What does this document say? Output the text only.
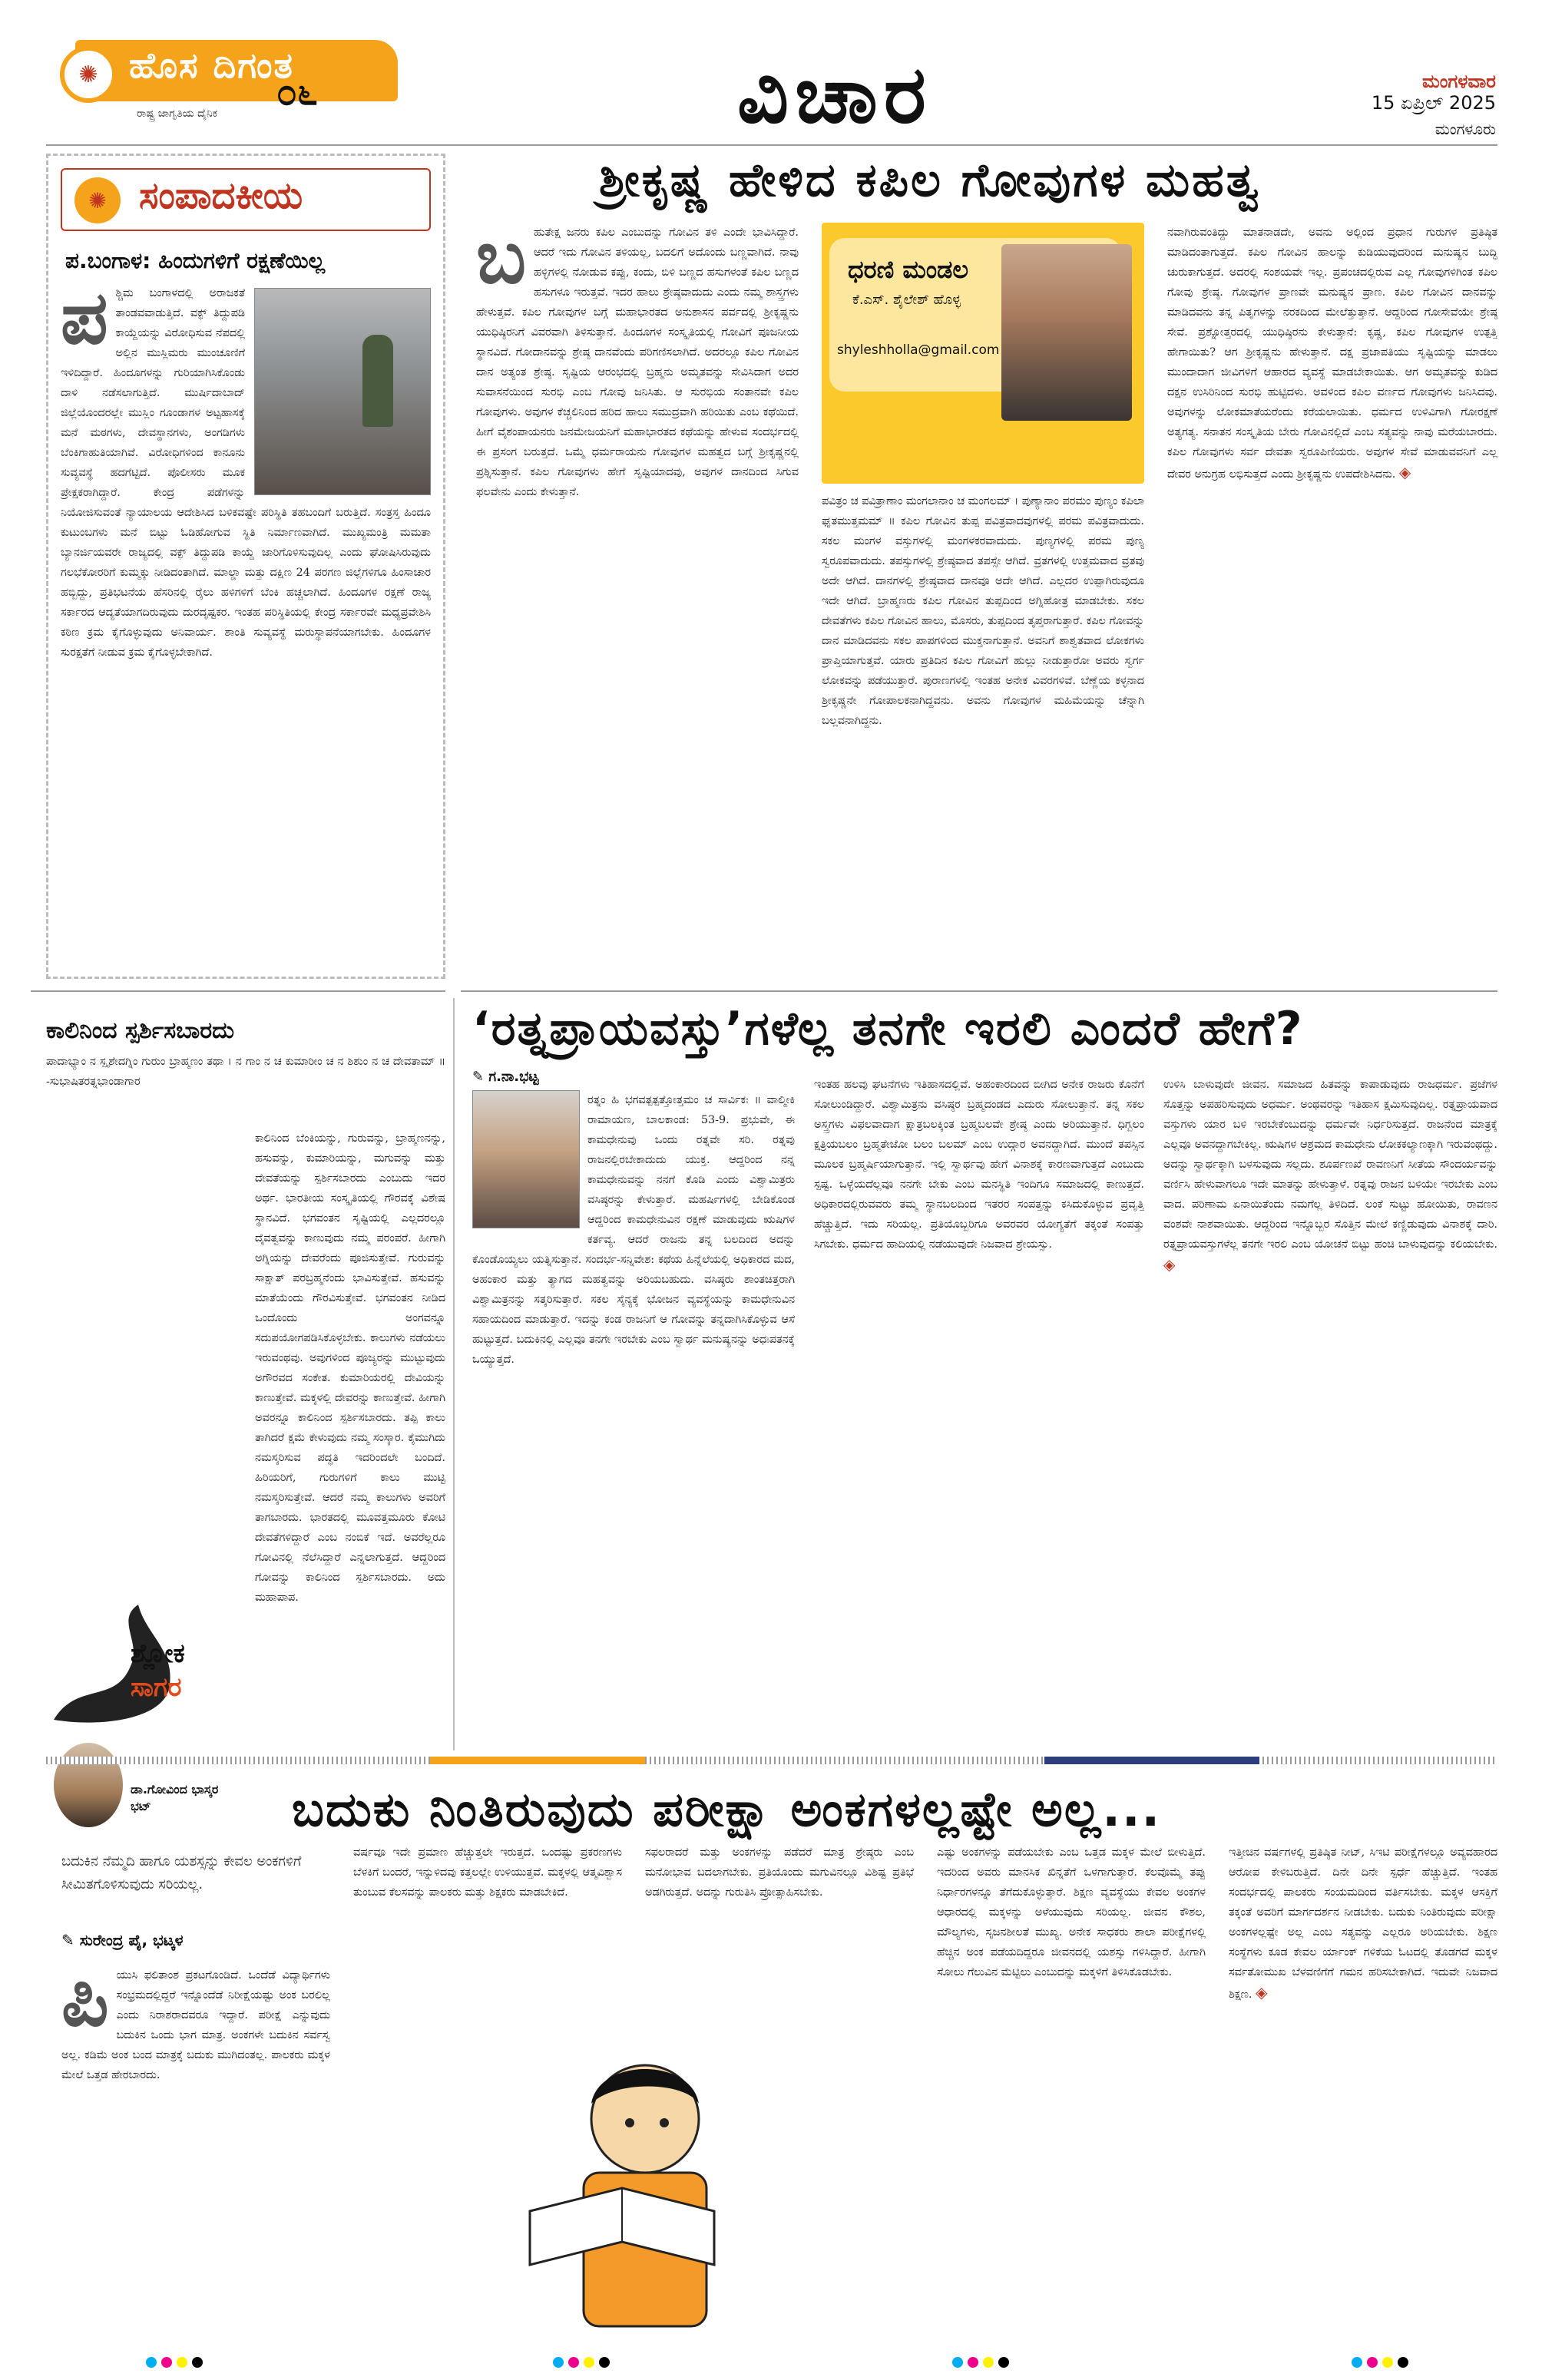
✺ ಹೊಸ ದಿಗಂತ
ರಾಷ್ಟ್ರ ಜಾಗೃತಿಯ ದೈನಿಕ ೦೬	ವಿಚಾರ	ಮಂಗಳವಾರ
15 ಏಪ್ರಿಲ್ 2025
ಮಂಗಳೂರು
✺ ಸಂಪಾದಕೀಯ
ಪ.ಬಂಗಾಳ: ಹಿಂದುಗಳಿಗೆ ರಕ್ಷಣೆಯಿಲ್ಲ
ಪ ಶ್ಚಿಮ ಬಂಗಾಳದಲ್ಲಿ ಅರಾಜಕತೆ ತಾಂಡವವಾಡುತ್ತಿದೆ. ವಕ್ಫ್ ತಿದ್ದುಪಡಿ ಕಾಯ್ದೆಯನ್ನು ವಿರೋಧಿಸುವ ನೆಪದಲ್ಲಿ ಅಲ್ಲಿನ ಮುಸ್ಲಿಮರು ಮುಂಚೂಣಿಗೆ ಇಳಿದಿದ್ದಾರೆ. ಹಿಂದೂಗಳನ್ನು ಗುರಿಯಾಗಿಸಿಕೊಂಡು ದಾಳಿ ನಡೆಸಲಾಗುತ್ತಿದೆ. ಮುರ್ಷಿದಾಬಾದ್ ಜಿಲ್ಲೆಯೊಂದರಲ್ಲೇ ಮುಸ್ಲಿಂ ಗೂಂಡಾಗಳ ಅಟ್ಟಹಾಸಕ್ಕೆ ಮನೆ ಮಠಗಳು, ದೇವಸ್ಥಾನಗಳು, ಅಂಗಡಿಗಳು ಬೆಂಕಿಗಾಹುತಿಯಾಗಿವೆ. ವಿರೋಧಿಗಳಿಂದ ಕಾನೂನು ಸುವ್ಯವಸ್ಥೆ ಹದಗೆಟ್ಟಿದೆ. ಪೊಲೀಸರು ಮೂಕ ಪ್ರೇಕ್ಷಕರಾಗಿದ್ದಾರೆ. ಕೇಂದ್ರ ಪಡೆಗಳನ್ನು ನಿಯೋಜಿಸುವಂತೆ ನ್ಯಾಯಾಲಯ ಆದೇಶಿಸಿದ ಬಳಿಕವಷ್ಟೇ ಪರಿಸ್ಥಿತಿ ತಹಬಂದಿಗೆ ಬರುತ್ತಿದೆ. ಸಂತ್ರಸ್ತ ಹಿಂದೂ ಕುಟುಂಬಗಳು ಮನೆ ಬಿಟ್ಟು ಓಡಿಹೋಗುವ ಸ್ಥಿತಿ ನಿರ್ಮಾಣವಾಗಿದೆ. ಮುಖ್ಯಮಂತ್ರಿ ಮಮತಾ ಬ್ಯಾನರ್ಜಿಯವರೇ ರಾಜ್ಯದಲ್ಲಿ ವಕ್ಫ್ ತಿದ್ದುಪಡಿ ಕಾಯ್ದೆ ಜಾರಿಗೊಳಿಸುವುದಿಲ್ಲ ಎಂದು ಘೋಷಿಸಿರುವುದು ಗಲಭೆಕೋರರಿಗೆ ಕುಮ್ಮಕ್ಕು ನೀಡಿದಂತಾಗಿದೆ. ಮಾಲ್ಡಾ ಮತ್ತು ದಕ್ಷಿಣ 24 ಪರಗಣ ಜಿಲ್ಲೆಗಳಿಗೂ ಹಿಂಸಾಚಾರ ಹಬ್ಬಿದ್ದು, ಪ್ರತಿಭಟನೆಯ ಹೆಸರಿನಲ್ಲಿ ರೈಲು ಹಳಿಗಳಿಗೆ ಬೆಂಕಿ ಹಚ್ಚಲಾಗಿದೆ. ಹಿಂದೂಗಳ ರಕ್ಷಣೆ ರಾಜ್ಯ ಸರ್ಕಾರದ ಆದ್ಯತೆಯಾಗದಿರುವುದು ದುರದೃಷ್ಟಕರ. ಇಂತಹ ಪರಿಸ್ಥಿತಿಯಲ್ಲಿ ಕೇಂದ್ರ ಸರ್ಕಾರವೇ ಮಧ್ಯಪ್ರವೇಶಿಸಿ ಕಠಿಣ ಕ್ರಮ ಕೈಗೊಳ್ಳುವುದು ಅನಿವಾರ್ಯ. ಶಾಂತಿ ಸುವ್ಯವಸ್ಥೆ ಮರುಸ್ಥಾಪನೆಯಾಗಬೇಕು. ಹಿಂದೂಗಳ ಸುರಕ್ಷತೆಗೆ ನೀಡುವ ಕ್ರಮ ಕೈಗೊಳ್ಳಬೇಕಾಗಿದೆ.
ಶ್ರೀಕೃಷ್ಣ ಹೇಳಿದ ಕಪಿಲ ಗೋವುಗಳ ಮಹತ್ವ
ಬ ಹುತೇಕ್ಷ ಜನರು ಕಪಿಲ ಎಂಬುದನ್ನು ಗೋವಿನ ತಳಿ ಎಂದೇ ಭಾವಿಸಿದ್ದಾರೆ. ಆದರೆ ಇದು ಗೋವಿನ ತಳಿಯಲ್ಲ, ಬದಲಿಗೆ ಅದೊಂದು ಬಣ್ಣವಾಗಿದೆ. ನಾವು ಹಳ್ಳಿಗಳಲ್ಲಿ ನೋಡುವ ಕಪ್ಪು, ಕಂದು, ಬಿಳಿ ಬಣ್ಣದ ಹಸುಗಳಂತೆ ಕಪಿಲ ಬಣ್ಣದ ಹಸುಗಳೂ ಇರುತ್ತವೆ. ಇದರ ಹಾಲು ಶ್ರೇಷ್ಠವಾದುದು ಎಂದು ನಮ್ಮ ಶಾಸ್ತ್ರಗಳು ಹೇಳುತ್ತವೆ. ಕಪಿಲ ಗೋವುಗಳ ಬಗ್ಗೆ ಮಹಾಭಾರತದ ಅನುಶಾಸನ ಪರ್ವದಲ್ಲಿ ಶ್ರೀಕೃಷ್ಣನು ಯುಧಿಷ್ಠಿರನಿಗೆ ವಿವರವಾಗಿ ತಿಳಿಸುತ್ತಾನೆ. ಹಿಂದೂಗಳ ಸಂಸ್ಕೃತಿಯಲ್ಲಿ ಗೋವಿಗೆ ಪೂಜನೀಯ ಸ್ಥಾನವಿದೆ. ಗೋದಾನವನ್ನು ಶ್ರೇಷ್ಠ ದಾನವೆಂದು ಪರಿಗಣಿಸಲಾಗಿದೆ. ಅದರಲ್ಲೂ ಕಪಿಲ ಗೋವಿನ ದಾನ ಅತ್ಯಂತ ಶ್ರೇಷ್ಠ. ಸೃಷ್ಟಿಯ ಆರಂಭದಲ್ಲಿ ಬ್ರಹ್ಮನು ಅಮೃತವನ್ನು ಸೇವಿಸಿದಾಗ ಅದರ ಸುವಾಸನೆಯಿಂದ ಸುರಭಿ ಎಂಬ ಗೋವು ಜನಿಸಿತು. ಆ ಸುರಭಿಯ ಸಂತಾನವೇ ಕಪಿಲ ಗೋವುಗಳು. ಅವುಗಳ ಕೆಚ್ಚಲಿನಿಂದ ಹರಿದ ಹಾಲು ಸಮುದ್ರವಾಗಿ ಹರಿಯಿತು ಎಂಬ ಕಥೆಯಿದೆ. ಹೀಗೆ ವೈಶಂಪಾಯನರು ಜನಮೇಜಯನಿಗೆ ಮಹಾಭಾರತದ ಕಥೆಯನ್ನು ಹೇಳುವ ಸಂದರ್ಭದಲ್ಲಿ ಈ ಪ್ರಸಂಗ ಬರುತ್ತದೆ. ಒಮ್ಮೆ ಧರ್ಮರಾಯನು ಗೋವುಗಳ ಮಹತ್ವದ ಬಗ್ಗೆ ಶ್ರೀಕೃಷ್ಣನಲ್ಲಿ ಪ್ರಶ್ನಿಸುತ್ತಾನೆ. ಕಪಿಲ ಗೋವುಗಳು ಹೇಗೆ ಸೃಷ್ಟಿಯಾದವು, ಅವುಗಳ ದಾನದಿಂದ ಸಿಗುವ ಫಲವೇನು ಎಂದು ಕೇಳುತ್ತಾನೆ.
ಧರಣಿ ಮಂಡಲ
ಕೆ.ಎಸ್. ಶೈಲೇಶ್ ಹೊಳ್ಳ
shyleshholla@gmail.com
ಪವಿತ್ರಂ ಚ ಪವಿತ್ರಾಣಾಂ ಮಂಗಲಾನಾಂ ಚ ಮಂಗಲಮ್ । ಪುಣ್ಯಾನಾಂ ಪರಮಂ ಪುಣ್ಯಂ ಕಪಿಲಾ ಘೃತಮುತ್ತಮಮ್ ॥ ಕಪಿಲ ಗೋವಿನ ತುಪ್ಪ ಪವಿತ್ರವಾದವುಗಳಲ್ಲಿ ಪರಮ ಪವಿತ್ರವಾದುದು. ಸಕಲ ಮಂಗಳ ವಸ್ತುಗಳಲ್ಲಿ ಮಂಗಳಕರವಾದುದು. ಪುಣ್ಯಗಳಲ್ಲಿ ಪರಮ ಪುಣ್ಯ ಸ್ವರೂಪವಾದುದು. ತಪಸ್ಸುಗಳಲ್ಲಿ ಶ್ರೇಷ್ಠವಾದ ತಪಸ್ಸೇ ಆಗಿದೆ. ವ್ರತಗಳಲ್ಲಿ ಉತ್ತಮವಾದ ವ್ರತವು ಅದೇ ಆಗಿದೆ. ದಾನಗಳಲ್ಲಿ ಶ್ರೇಷ್ಠವಾದ ದಾನವೂ ಅದೇ ಆಗಿದೆ. ಎಲ್ಲದರ ಉಪ್ಪಾಗಿರುವುದೂ ಇದೇ ಆಗಿದೆ. ಬ್ರಾಹ್ಮಣರು ಕಪಿಲ ಗೋವಿನ ತುಪ್ಪದಿಂದ ಅಗ್ನಿಹೋತ್ರ ಮಾಡಬೇಕು. ಸಕಲ ದೇವತೆಗಳು ಕಪಿಲ ಗೋವಿನ ಹಾಲು, ಮೊಸರು, ತುಪ್ಪದಿಂದ ತೃಪ್ತರಾಗುತ್ತಾರೆ. ಕಪಿಲ ಗೋವನ್ನು ದಾನ ಮಾಡಿದವನು ಸಕಲ ಪಾಪಗಳಿಂದ ಮುಕ್ತನಾಗುತ್ತಾನೆ. ಅವನಿಗೆ ಶಾಶ್ವತವಾದ ಲೋಕಗಳು ಪ್ರಾಪ್ತಿಯಾಗುತ್ತವೆ. ಯಾರು ಪ್ರತಿದಿನ ಕಪಿಲ ಗೋವಿಗೆ ಹುಲ್ಲು ನೀಡುತ್ತಾರೋ ಅವರು ಸ್ವರ್ಗ ಲೋಕವನ್ನು ಪಡೆಯುತ್ತಾರೆ. ಪುರಾಣಗಳಲ್ಲಿ ಇಂತಹ ಅನೇಕ ವಿವರಗಳಿವೆ. ಬೆಣ್ಣೆಯ ಕಳ್ಳನಾದ ಶ್ರೀಕೃಷ್ಣನೇ ಗೋಪಾಲಕನಾಗಿದ್ದವನು. ಅವನು ಗೋವುಗಳ ಮಹಿಮೆಯನ್ನು ಚೆನ್ನಾಗಿ ಬಲ್ಲವನಾಗಿದ್ದನು.
ನವಾಗಿರುವಂತಿದ್ದು ಮಾತನಾಡದೇ, ಅವನು ಅಲ್ಲಿಂದ ಪ್ರಧಾನ ಗುರುಗಳ ಪ್ರತಿಷ್ಠಿತ ಮಾಡಿದಂತಾಗುತ್ತದೆ. ಕಪಿಲ ಗೋವಿನ ಹಾಲನ್ನು ಕುಡಿಯುವುದರಿಂದ ಮನುಷ್ಯನ ಬುದ್ಧಿ ಚುರುಕಾಗುತ್ತದೆ. ಅದರಲ್ಲಿ ಸಂಶಯವೇ ಇಲ್ಲ. ಪ್ರಪಂಚದಲ್ಲಿರುವ ಎಲ್ಲ ಗೋವುಗಳಿಗಿಂತ ಕಪಿಲ ಗೋವು ಶ್ರೇಷ್ಠ. ಗೋವುಗಳ ಪ್ರಾಣವೇ ಮನುಷ್ಯನ ಪ್ರಾಣ. ಕಪಿಲ ಗೋವಿನ ದಾನವನ್ನು ಮಾಡಿದವನು ತನ್ನ ಪಿತೃಗಳನ್ನು ನರಕದಿಂದ ಮೇಲೆತ್ತುತ್ತಾನೆ. ಆದ್ದರಿಂದ ಗೋಸೇವೆಯೇ ಶ್ರೇಷ್ಠ ಸೇವೆ. ಪ್ರಶ್ನೋತ್ತರದಲ್ಲಿ ಯುಧಿಷ್ಠಿರನು ಕೇಳುತ್ತಾನೆ: ಕೃಷ್ಣ, ಕಪಿಲ ಗೋವುಗಳ ಉತ್ಪತ್ತಿ ಹೇಗಾಯಿತು? ಆಗ ಶ್ರೀಕೃಷ್ಣನು ಹೇಳುತ್ತಾನೆ. ದಕ್ಷ ಪ್ರಜಾಪತಿಯು ಸೃಷ್ಟಿಯನ್ನು ಮಾಡಲು ಮುಂದಾದಾಗ ಜೀವಿಗಳಿಗೆ ಆಹಾರದ ವ್ಯವಸ್ಥೆ ಮಾಡಬೇಕಾಯಿತು. ಆಗ ಅಮೃತವನ್ನು ಕುಡಿದ ದಕ್ಷನ ಉಸಿರಿನಿಂದ ಸುರಭಿ ಹುಟ್ಟಿದಳು. ಅವಳಿಂದ ಕಪಿಲ ವರ್ಣದ ಗೋವುಗಳು ಜನಿಸಿದವು. ಅವುಗಳನ್ನು ಲೋಕಮಾತೆಯರೆಂದು ಕರೆಯಲಾಯಿತು. ಧರ್ಮದ ಉಳಿವಿಗಾಗಿ ಗೋರಕ್ಷಣೆ ಅತ್ಯಗತ್ಯ. ಸನಾತನ ಸಂಸ್ಕೃತಿಯ ಬೇರು ಗೋವಿನಲ್ಲಿದೆ ಎಂಬ ಸತ್ಯವನ್ನು ನಾವು ಮರೆಯಬಾರದು. ಕಪಿಲ ಗೋವುಗಳು ಸರ್ವ ದೇವತಾ ಸ್ವರೂಪಿಣಿಯರು. ಅವುಗಳ ಸೇವೆ ಮಾಡುವವನಿಗೆ ಎಲ್ಲ ದೇವರ ಅನುಗ್ರಹ ಲಭಿಸುತ್ತದೆ ಎಂದು ಶ್ರೀಕೃಷ್ಣನು ಉಪದೇಶಿಸಿದನು. ◈
ಕಾಲಿನಿಂದ ಸ್ಪರ್ಶಿಸಬಾರದು
ಪಾದಾಭ್ಯಾಂ ನ ಸ್ಪೃಶೇದಗ್ನಿಂ ಗುರುಂ ಬ್ರಾಹ್ಮಣಂ ತಥಾ । ನ ಗಾಂ ನ ಚ ಕುಮಾರೀಂ ಚ ನ ಶಿಶುಂ ನ ಚ ದೇವತಾಮ್ ॥ -ಸುಭಾಷಿತರತ್ನಭಾಂಡಾಗಾರ
ಕಾಲಿನಿಂದ ಬೆಂಕಿಯನ್ನು, ಗುರುವನ್ನು, ಬ್ರಾಹ್ಮಣನನ್ನು, ಹಸುವನ್ನು, ಕುಮಾರಿಯನ್ನು, ಮಗುವನ್ನು ಮತ್ತು ದೇವತೆಯನ್ನು ಸ್ಪರ್ಶಿಸಬಾರದು ಎಂಬುದು ಇದರ ಅರ್ಥ. ಭಾರತೀಯ ಸಂಸ್ಕೃತಿಯಲ್ಲಿ ಗೌರವಕ್ಕೆ ವಿಶೇಷ ಸ್ಥಾನವಿದೆ. ಭಗವಂತನ ಸೃಷ್ಟಿಯಲ್ಲಿ ಎಲ್ಲದರಲ್ಲೂ ದೈವತ್ವವನ್ನು ಕಾಣುವುದು ನಮ್ಮ ಪರಂಪರೆ. ಹೀಗಾಗಿ ಅಗ್ನಿಯನ್ನು ದೇವರೆಂದು ಪೂಜಿಸುತ್ತೇವೆ. ಗುರುವನ್ನು ಸಾಕ್ಷಾತ್ ಪರಬ್ರಹ್ಮನೆಂದು ಭಾವಿಸುತ್ತೇವೆ. ಹಸುವನ್ನು ಮಾತೆಯೆಂದು ಗೌರವಿಸುತ್ತೇವೆ. ಭಗವಂತನ ನೀಡಿದ ಒಂದೊಂದು ಅಂಗವನ್ನೂ ಸದುಪಯೋಗಪಡಿಸಿಕೊಳ್ಳಬೇಕು. ಕಾಲುಗಳು ನಡೆಯಲು ಇರುವಂಥವು. ಅವುಗಳಿಂದ ಪೂಜ್ಯರನ್ನು ಮುಟ್ಟುವುದು ಅಗೌರವದ ಸಂಕೇತ. ಕುಮಾರಿಯರಲ್ಲಿ ದೇವಿಯನ್ನು ಕಾಣುತ್ತೇವೆ. ಮಕ್ಕಳಲ್ಲಿ ದೇವರನ್ನು ಕಾಣುತ್ತೇವೆ. ಹೀಗಾಗಿ ಅವರನ್ನೂ ಕಾಲಿನಿಂದ ಸ್ಪರ್ಶಿಸಬಾರದು. ತಪ್ಪಿ ಕಾಲು ತಾಗಿದರೆ ಕ್ಷಮೆ ಕೇಳುವುದು ನಮ್ಮ ಸಂಸ್ಕಾರ. ಕೈಮುಗಿದು ನಮಸ್ಕರಿಸುವ ಪದ್ಧತಿ ಇದರಿಂದಲೇ ಬಂದಿದೆ. ಹಿರಿಯರಿಗೆ, ಗುರುಗಳಿಗೆ ಕಾಲು ಮುಟ್ಟಿ ನಮಸ್ಕರಿಸುತ್ತೇವೆ. ಆದರೆ ನಮ್ಮ ಕಾಲುಗಳು ಅವರಿಗೆ ತಾಗಬಾರದು. ಭಾರತದಲ್ಲಿ ಮೂವತ್ತಮೂರು ಕೋಟಿ ದೇವತೆಗಳಿದ್ದಾರೆ ಎಂಬ ನಂಬಿಕೆ ಇದೆ. ಅವರೆಲ್ಲರೂ ಗೋವಿನಲ್ಲಿ ನೆಲೆಸಿದ್ದಾರೆ ಎನ್ನಲಾಗುತ್ತದೆ. ಆದ್ದರಿಂದ ಗೋವನ್ನು ಕಾಲಿನಿಂದ ಸ್ಪರ್ಶಿಸಬಾರದು. ಅದು ಮಹಾಪಾಪ.
ಶ್ಲೋಕ
ಸಾಗರ
ಡಾ.ಗೋವಿಂದ ಭಾಸ್ಕರ ಭಟ್
‘ರತ್ನಪ್ರಾಯವಸ್ತು’ಗಳೆಲ್ಲ ತನಗೇ ಇರಲಿ ಎಂದರೆ ಹೇಗೆ?
✎ ಗ.ನಾ.ಭಟ್ಟ
ರತ್ನಂ ಹಿ ಭಗವತ್ಪತ್ಪತ್ತೋತ್ತಮಂ ಚ ಸಾರ್ವಿಕಃ ॥ ವಾಲ್ಮೀಕಿ ರಾಮಾಯಣ, ಬಾಲಕಾಂಡ: 53-9. ಪ್ರಭುವೇ, ಈ ಕಾಮಧೇನುವು ಒಂದು ರತ್ನವೇ ಸರಿ. ರತ್ನವು ರಾಜನಲ್ಲಿರಬೇಕಾದುದು ಯುಕ್ತ. ಆದ್ದರಿಂದ ನನ್ನ ಕಾಮಧೇನುವನ್ನು ನನಗೆ ಕೊಡಿ ಎಂದು ವಿಶ್ವಾಮಿತ್ರರು ವಸಿಷ್ಠರನ್ನು ಕೇಳುತ್ತಾರೆ. ಮಹರ್ಷಿಗಳಲ್ಲಿ ಬೇಡಿಕೊಂಡ ಆದ್ದರಿಂದ ಕಾಮಧೇನುವಿನ ರಕ್ಷಣೆ ಮಾಡುವುದು ಋಷಿಗಳ ಕರ್ತವ್ಯ. ಆದರೆ ರಾಜನು ತನ್ನ ಬಲದಿಂದ ಅದನ್ನು ಕೊಂಡೊಯ್ಯಲು ಯತ್ನಿಸುತ್ತಾನೆ. ಸಂದರ್ಭ-ಸನ್ನಿವೇಶ: ಕಥೆಯ ಹಿನ್ನೆಲೆಯಲ್ಲಿ ಅಧಿಕಾರದ ಮದ, ಅಹಂಕಾರ ಮತ್ತು ತ್ಯಾಗದ ಮಹತ್ವವನ್ನು ಅರಿಯಬಹುದು. ವಸಿಷ್ಠರು ಶಾಂತಚಿತ್ತರಾಗಿ ವಿಶ್ವಾಮಿತ್ರನನ್ನು ಸತ್ಕರಿಸುತ್ತಾರೆ. ಸಕಲ ಸೈನ್ಯಕ್ಕೆ ಭೋಜನ ವ್ಯವಸ್ಥೆಯನ್ನು ಕಾಮಧೇನುವಿನ ಸಹಾಯದಿಂದ ಮಾಡುತ್ತಾರೆ. ಇದನ್ನು ಕಂಡ ರಾಜನಿಗೆ ಆ ಗೋವನ್ನು ತನ್ನದಾಗಿಸಿಕೊಳ್ಳುವ ಆಸೆ ಹುಟ್ಟುತ್ತದೆ. ಬದುಕಿನಲ್ಲಿ ಎಲ್ಲವೂ ತನಗೇ ಇರಬೇಕು ಎಂಬ ಸ್ವಾರ್ಥ ಮನುಷ್ಯನನ್ನು ಅಧಃಪತನಕ್ಕೆ ಒಯ್ಯುತ್ತದೆ.
ಇಂತಹ ಹಲವು ಘಟನೆಗಳು ಇತಿಹಾಸದಲ್ಲಿವೆ. ಅಹಂಕಾರದಿಂದ ಬೀಗಿದ ಅನೇಕ ರಾಜರು ಕೊನೆಗೆ ಸೋಲುಂಡಿದ್ದಾರೆ. ವಿಶ್ವಾಮಿತ್ರನು ವಸಿಷ್ಠರ ಬ್ರಹ್ಮದಂಡದ ಎದುರು ಸೋಲುತ್ತಾನೆ. ತನ್ನ ಸಕಲ ಅಸ್ತ್ರಗಳು ವಿಫಲವಾದಾಗ ಕ್ಷಾತ್ರಬಲಕ್ಕಿಂತ ಬ್ರಹ್ಮಬಲವೇ ಶ್ರೇಷ್ಠ ಎಂದು ಅರಿಯುತ್ತಾನೆ. ಧಿಗ್ಬಲಂ ಕ್ಷತ್ರಿಯಬಲಂ ಬ್ರಹ್ಮತೇಜೋ ಬಲಂ ಬಲಮ್ ಎಂಬ ಉದ್ಗಾರ ಅವನದ್ದಾಗಿದೆ. ಮುಂದೆ ತಪಸ್ಸಿನ ಮೂಲಕ ಬ್ರಹ್ಮರ್ಷಿಯಾಗುತ್ತಾನೆ. ಇಲ್ಲಿ ಸ್ವಾರ್ಥವು ಹೇಗೆ ವಿನಾಶಕ್ಕೆ ಕಾರಣವಾಗುತ್ತದೆ ಎಂಬುದು ಸ್ಪಷ್ಟ. ಒಳ್ಳೆಯದೆಲ್ಲವೂ ನನಗೇ ಬೇಕು ಎಂಬ ಮನಸ್ಥಿತಿ ಇಂದಿಗೂ ಸಮಾಜದಲ್ಲಿ ಕಾಣುತ್ತದೆ. ಅಧಿಕಾರದಲ್ಲಿರುವವರು ತಮ್ಮ ಸ್ಥಾನಬಲದಿಂದ ಇತರರ ಸಂಪತ್ತನ್ನು ಕಸಿದುಕೊಳ್ಳುವ ಪ್ರವೃತ್ತಿ ಹೆಚ್ಚುತ್ತಿದೆ. ಇದು ಸರಿಯಲ್ಲ. ಪ್ರತಿಯೊಬ್ಬರಿಗೂ ಅವರವರ ಯೋಗ್ಯತೆಗೆ ತಕ್ಕಂತೆ ಸಂಪತ್ತು ಸಿಗಬೇಕು. ಧರ್ಮದ ಹಾದಿಯಲ್ಲಿ ನಡೆಯುವುದೇ ನಿಜವಾದ ಶ್ರೇಯಸ್ಸು.
ಉಳಿಸಿ ಬಾಳುವುದೇ ಜೀವನ. ಸಮಾಜದ ಹಿತವನ್ನು ಕಾಪಾಡುವುದು ರಾಜಧರ್ಮ. ಪ್ರಜೆಗಳ ಸೊತ್ತನ್ನು ಅಪಹರಿಸುವುದು ಅಧರ್ಮ. ಅಂಥವರನ್ನು ಇತಿಹಾಸ ಕ್ಷಮಿಸುವುದಿಲ್ಲ. ರತ್ನಪ್ರಾಯವಾದ ವಸ್ತುಗಳು ಯಾರ ಬಳಿ ಇರಬೇಕೆಂಬುದನ್ನು ಧರ್ಮವೇ ನಿರ್ಧರಿಸುತ್ತದೆ. ರಾಜನೆಂದ ಮಾತ್ರಕ್ಕೆ ಎಲ್ಲವೂ ಅವನದ್ದಾಗಬೇಕಿಲ್ಲ. ಋಷಿಗಳ ಆಶ್ರಮದ ಕಾಮಧೇನು ಲೋಕಕಲ್ಯಾಣಕ್ಕಾಗಿ ಇರುವಂಥದ್ದು. ಅದನ್ನು ಸ್ವಾರ್ಥಕ್ಕಾಗಿ ಬಳಸುವುದು ಸಲ್ಲದು. ಶೂರ್ಪಣಖೆ ರಾವಣನಿಗೆ ಸೀತೆಯ ಸೌಂದರ್ಯವನ್ನು ವರ್ಣಿಸಿ ಹೇಳುವಾಗಲೂ ಇದೇ ಮಾತನ್ನು ಹೇಳುತ್ತಾಳೆ. ರತ್ನವು ರಾಜನ ಬಳಿಯೇ ಇರಬೇಕು ಎಂಬ ವಾದ. ಪರಿಣಾಮ ಏನಾಯಿತೆಂದು ನಮಗೆಲ್ಲ ತಿಳಿದಿದೆ. ಲಂಕೆ ಸುಟ್ಟು ಹೋಯಿತು, ರಾವಣನ ವಂಶವೇ ನಾಶವಾಯಿತು. ಆದ್ದರಿಂದ ಇನ್ನೊಬ್ಬರ ಸೊತ್ತಿನ ಮೇಲೆ ಕಣ್ಣಿಡುವುದು ವಿನಾಶಕ್ಕೆ ದಾರಿ. ರತ್ನಪ್ರಾಯವಸ್ತುಗಳೆಲ್ಲ ತನಗೇ ಇರಲಿ ಎಂಬ ಯೋಚನೆ ಬಿಟ್ಟು ಹಂಚಿ ಬಾಳುವುದನ್ನು ಕಲಿಯಬೇಕು. ◈
ಬದುಕು ನಿಂತಿರುವುದು ಪರೀಕ್ಷಾ ಅಂಕಗಳಲ್ಲಷ್ಟೇ ಅಲ್ಲ...

ಬದುಕಿನ ನೆಮ್ಮದಿ ಹಾಗೂ ಯಶಸ್ಸನ್ನು ಕೇವಲ ಅಂಕಗಳಿಗೆ ಸೀಮಿತಗೊಳಿಸುವುದು ಸರಿಯಲ್ಲ.

✎ ಸುರೇಂದ್ರ ಪೈ, ಭಟ್ಕಳ
ಪಿ ಯುಸಿ ಫಲಿತಾಂಶ ಪ್ರಕಟಗೊಂಡಿದೆ. ಒಂದೆಡೆ ವಿದ್ಯಾರ್ಥಿಗಳು ಸಂಭ್ರಮದಲ್ಲಿದ್ದರೆ ಇನ್ನೊಂದೆಡೆ ನಿರೀಕ್ಷೆಯಷ್ಟು ಅಂಕ ಬರಲಿಲ್ಲ ಎಂದು ನಿರಾಶರಾದವರೂ ಇದ್ದಾರೆ. ಪರೀಕ್ಷೆ ಎನ್ನುವುದು ಬದುಕಿನ ಒಂದು ಭಾಗ ಮಾತ್ರ. ಅಂಕಗಳೇ ಬದುಕಿನ ಸರ್ವಸ್ವ ಅಲ್ಲ. ಕಡಿಮೆ ಅಂಕ ಬಂದ ಮಾತ್ರಕ್ಕೆ ಬದುಕು ಮುಗಿದಂತಲ್ಲ. ಪಾಲಕರು ಮಕ್ಕಳ ಮೇಲೆ ಒತ್ತಡ ಹೇರಬಾರದು.
ವರ್ಷವೂ ಇದೇ ಪ್ರಮಾಣ ಹೆಚ್ಚುತ್ತಲೇ ಇರುತ್ತದೆ. ಒಂದಷ್ಟು ಪ್ರಕರಣಗಳು ಬೆಳಕಿಗೆ ಬಂದರೆ, ಇನ್ನುಳಿದವು ಕತ್ತಲಲ್ಲೇ ಉಳಿಯುತ್ತವೆ. ಮಕ್ಕಳಲ್ಲಿ ಆತ್ಮವಿಶ್ವಾಸ ತುಂಬುವ ಕೆಲಸವನ್ನು ಪಾಲಕರು ಮತ್ತು ಶಿಕ್ಷಕರು ಮಾಡಬೇಕಿದೆ.
ಸಫಲರಾದರೆ ಮತ್ತು ಅಂಕಗಳನ್ನು ಪಡೆದರೆ ಮಾತ್ರ ಶ್ರೇಷ್ಠರು ಎಂಬ ಮನೋಭಾವ ಬದಲಾಗಬೇಕು. ಪ್ರತಿಯೊಂದು ಮಗುವಿನಲ್ಲೂ ವಿಶಿಷ್ಟ ಪ್ರತಿಭೆ ಅಡಗಿರುತ್ತದೆ. ಅದನ್ನು ಗುರುತಿಸಿ ಪ್ರೋತ್ಸಾಹಿಸಬೇಕು.
ಎಷ್ಟು ಅಂಕಗಳನ್ನು ಪಡೆಯಬೇಕು ಎಂಬ ಒತ್ತಡ ಮಕ್ಕಳ ಮೇಲೆ ಬೀಳುತ್ತಿದೆ. ಇದರಿಂದ ಅವರು ಮಾನಸಿಕ ಖಿನ್ನತೆಗೆ ಒಳಗಾಗುತ್ತಾರೆ. ಕೆಲವೊಮ್ಮೆ ತಪ್ಪು ನಿರ್ಧಾರಗಳನ್ನೂ ತೆಗೆದುಕೊಳ್ಳುತ್ತಾರೆ. ಶಿಕ್ಷಣ ವ್ಯವಸ್ಥೆಯು ಕೇವಲ ಅಂಕಗಳ ಆಧಾರದಲ್ಲಿ ಮಕ್ಕಳನ್ನು ಅಳೆಯುವುದು ಸರಿಯಲ್ಲ. ಜೀವನ ಕೌಶಲ, ಮೌಲ್ಯಗಳು, ಸೃಜನಶೀಲತೆ ಮುಖ್ಯ. ಅನೇಕ ಸಾಧಕರು ಶಾಲಾ ಪರೀಕ್ಷೆಗಳಲ್ಲಿ ಹೆಚ್ಚಿನ ಅಂಕ ಪಡೆಯದಿದ್ದರೂ ಜೀವನದಲ್ಲಿ ಯಶಸ್ಸು ಗಳಿಸಿದ್ದಾರೆ. ಹೀಗಾಗಿ ಸೋಲು ಗೆಲುವಿನ ಮೆಟ್ಟಿಲು ಎಂಬುದನ್ನು ಮಕ್ಕಳಿಗೆ ತಿಳಿಸಿಕೊಡಬೇಕು.
ಇತ್ತೀಚಿನ ವರ್ಷಗಳಲ್ಲಿ ಪ್ರತಿಷ್ಠಿತ ನೀಟ್, ಸಿಇಟಿ ಪರೀಕ್ಷೆಗಳಲ್ಲೂ ಅವ್ಯವಹಾರದ ಆರೋಪ ಕೇಳಿಬರುತ್ತಿದೆ. ದಿನೇ ದಿನೇ ಸ್ಪರ್ಧೆ ಹೆಚ್ಚುತ್ತಿದೆ. ಇಂತಹ ಸಂದರ್ಭದಲ್ಲಿ ಪಾಲಕರು ಸಂಯಮದಿಂದ ವರ್ತಿಸಬೇಕು. ಮಕ್ಕಳ ಆಸಕ್ತಿಗೆ ತಕ್ಕಂತೆ ಅವರಿಗೆ ಮಾರ್ಗದರ್ಶನ ನೀಡಬೇಕು. ಬದುಕು ನಿಂತಿರುವುದು ಪರೀಕ್ಷಾ ಅಂಕಗಳಲ್ಲಷ್ಟೇ ಅಲ್ಲ ಎಂಬ ಸತ್ಯವನ್ನು ಎಲ್ಲರೂ ಅರಿಯಬೇಕು. ಶಿಕ್ಷಣ ಸಂಸ್ಥೆಗಳು ಕೂಡ ಕೇವಲ ರ್ಯಾಂಕ್ ಗಳಿಕೆಯ ಓಟದಲ್ಲಿ ತೊಡಗದೆ ಮಕ್ಕಳ ಸರ್ವತೋಮುಖ ಬೆಳವಣಿಗೆಗೆ ಗಮನ ಹರಿಸಬೇಕಾಗಿದೆ. ಇದುವೇ ನಿಜವಾದ ಶಿಕ್ಷಣ. ◈
